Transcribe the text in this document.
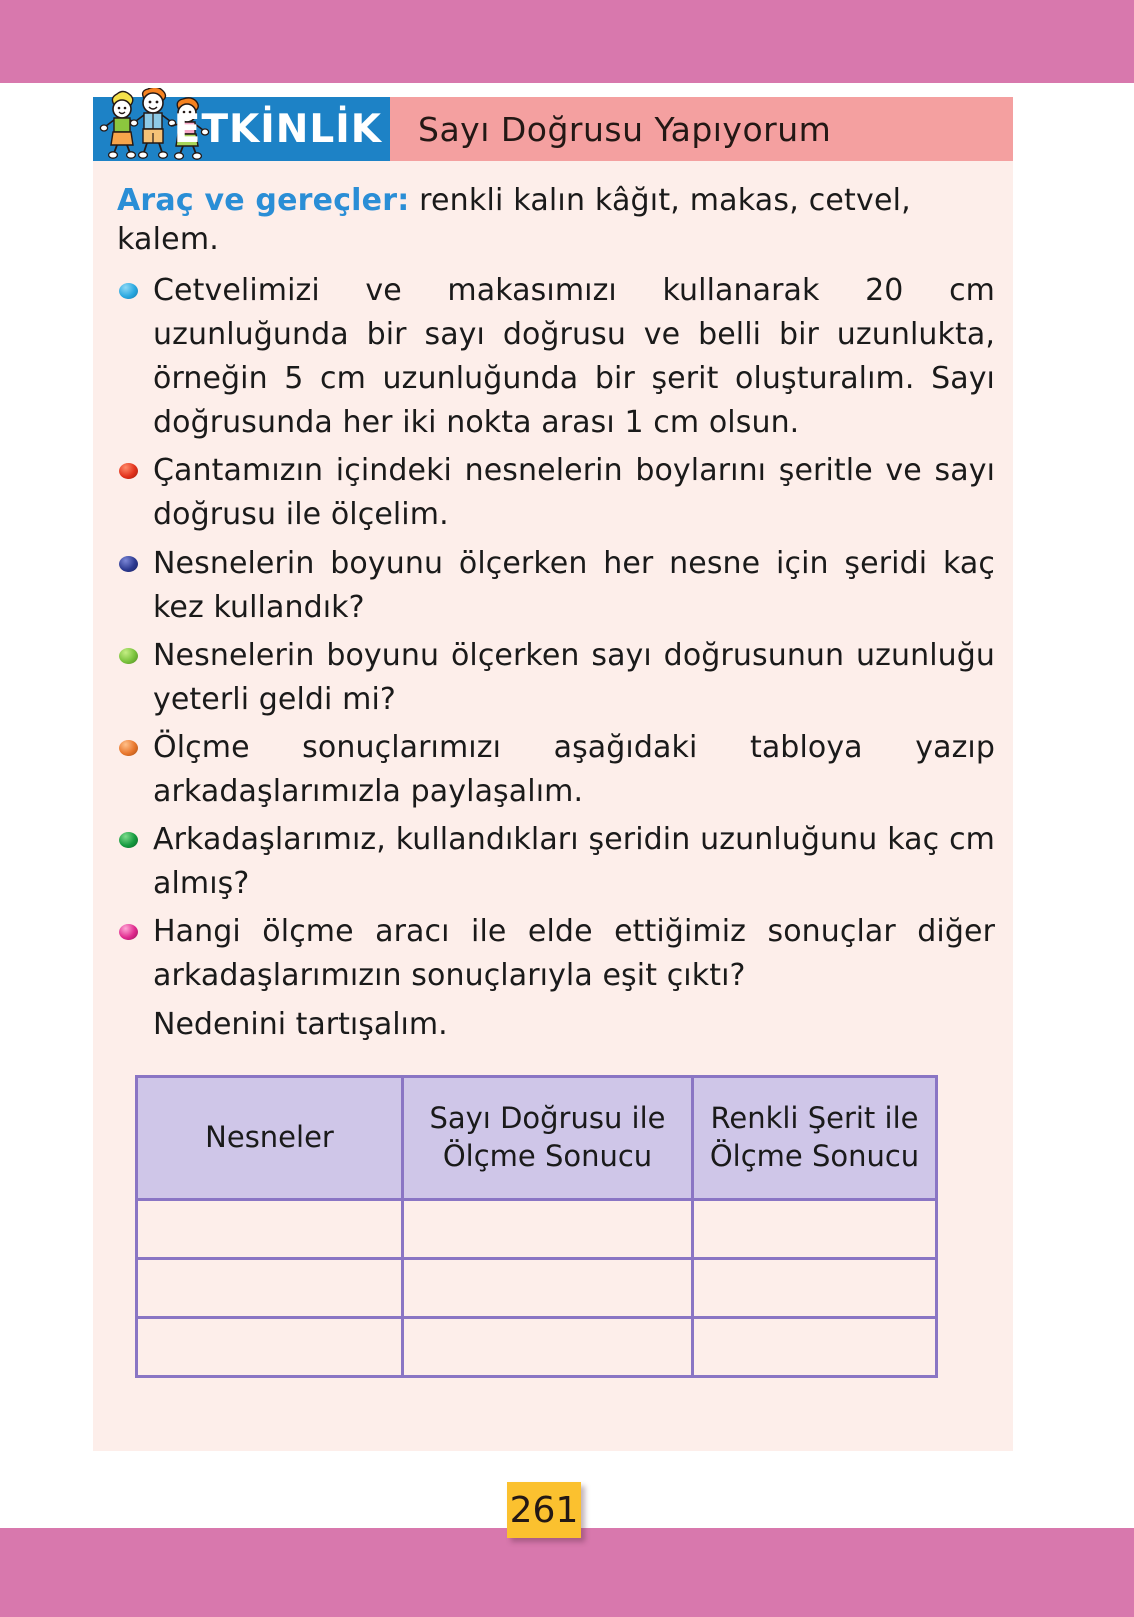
ETKİNLİK Sayı Doğrusu Yapıyorum

Araç ve gereçler: renkli kalın kâğıt, makas, cetvel, kalem.

Cetvelimizi ve makasımızı kullanarak 20 cm uzunluğunda bir sayı doğrusu ve belli bir uzunlukta, örneğin 5 cm uzunluğunda bir şerit oluşturalım. Sayı doğrusunda her iki nokta arası 1 cm olsun.
Çantamızın içindeki nesnelerin boylarını şeritle ve sayı doğrusu ile ölçelim.
Nesnelerin boyunu ölçerken her nesne için şeridi kaç kez kullandık?
Nesnelerin boyunu ölçerken sayı doğrusunun uzunluğu yeterli geldi mi?
Ölçme sonuçlarımızı aşağıdaki tabloya yazıp arkadaşlarımızla paylaşalım.
Arkadaşlarımız, kullandıkları şeridin uzunluğunu kaç cm almış?
Hangi ölçme aracı ile elde ettiğimiz sonuçlar diğer arkadaşlarımızın sonuçlarıyla eşit çıktı?
Nedenini tartışalım.
Nesneler	Sayı Doğrusu ile Ölçme Sonucu	Renkli Şerit ile Ölçme Sonucu

261
